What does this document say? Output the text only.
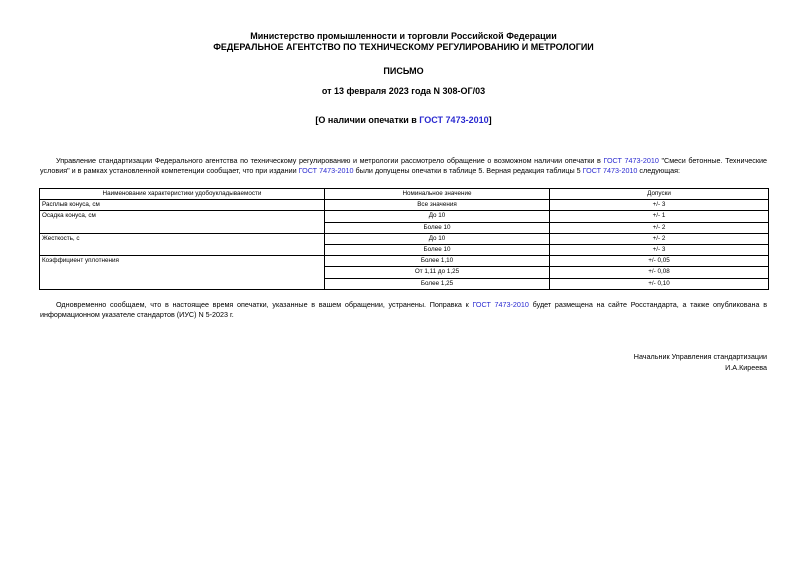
Министерство промышленности и торговли Российской Федерации
ФЕДЕРАЛЬНОЕ АГЕНТСТВО ПО ТЕХНИЧЕСКОМУ РЕГУЛИРОВАНИЮ И МЕТРОЛОГИИ
ПИСЬМО
от 13 февраля 2023 года N 308-ОГ/03
[О наличии опечатки в ГОСТ 7473-2010]
Управление стандартизации Федерального агентства по техническому регулированию и метрологии рассмотрело обращение о возможном наличии опечатки в ГОСТ 7473-2010 "Смеси бетонные. Технические условия" и в рамках установленной компетенции сообщает, что при издании ГОСТ 7473-2010 были допущены опечатки в таблице 5. Верная редакция таблицы 5 ГОСТ 7473-2010 следующая:
Наименование характеристики удобоукладываемости	Номинальное значение	Допуски
Расплыв конуса, см	Все значения	+/- 3
Осадка конуса, см	До 10	+/- 1
	Более 10	+/- 2
Жесткость, с	До 10	+/- 2
	Более 10	+/- 3
Коэффициент уплотнения	Более 1,10	+/- 0,05
	От 1,11 до 1,25	+/- 0,08
	Более 1,25	+/- 0,10
Одновременно сообщаем, что в настоящее время опечатки, указанные в вашем обращении, устранены. Поправка к ГОСТ 7473-2010 будет размещена на сайте Росстандарта, а также опубликована в информационном указателе стандартов (ИУС) N 5-2023 г.
Начальник Управления стандартизации
И.А.Киреева
